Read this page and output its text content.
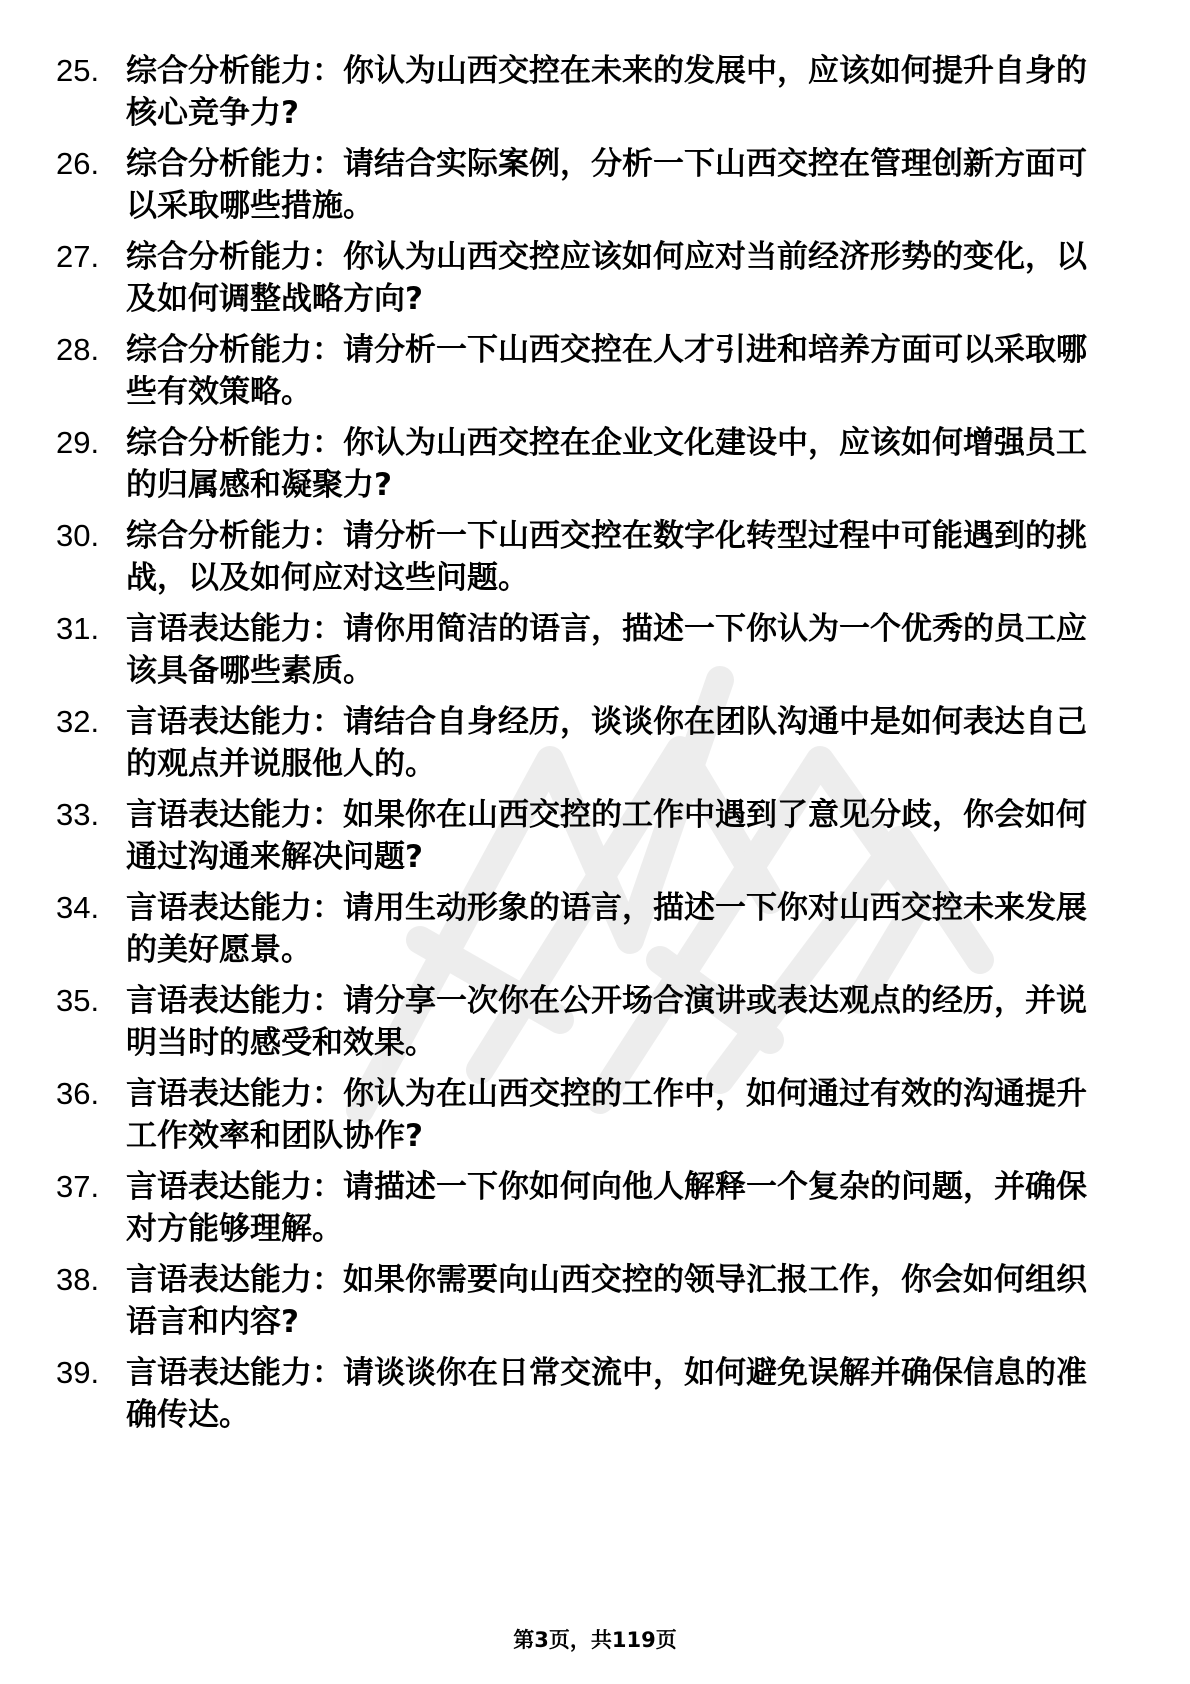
25. 综合分析能力：你认为山西交控在未来的发展中，应该如何提升自身的核心竞争力?
26. 综合分析能力：请结合实际案例，分析一下山西交控在管理创新方面可以采取哪些措施。
27. 综合分析能力：你认为山西交控应该如何应对当前经济形势的变化，以及如何调整战略方向?
28. 综合分析能力：请分析一下山西交控在人才引进和培养方面可以采取哪些有效策略。
29. 综合分析能力：你认为山西交控在企业文化建设中，应该如何增强员工的归属感和凝聚力?
30. 综合分析能力：请分析一下山西交控在数字化转型过程中可能遇到的挑战，以及如何应对这些问题。
31. 言语表达能力：请你用简洁的语言，描述一下你认为一个优秀的员工应该具备哪些素质。
32. 言语表达能力：请结合自身经历，谈谈你在团队沟通中是如何表达自己的观点并说服他人的。
33. 言语表达能力：如果你在山西交控的工作中遇到了意见分歧，你会如何通过沟通来解决问题?
34. 言语表达能力：请用生动形象的语言，描述一下你对山西交控未来发展的美好愿景。
35. 言语表达能力：请分享一次你在公开场合演讲或表达观点的经历，并说明当时的感受和效果。
36. 言语表达能力：你认为在山西交控的工作中，如何通过有效的沟通提升工作效率和团队协作?
37. 言语表达能力：请描述一下你如何向他人解释一个复杂的问题，并确保对方能够理解。
38. 言语表达能力：如果你需要向山西交控的领导汇报工作，你会如何组织语言和内容?
39. 言语表达能力：请谈谈你在日常交流中，如何避免误解并确保信息的准确传达。
第3页，共119页
